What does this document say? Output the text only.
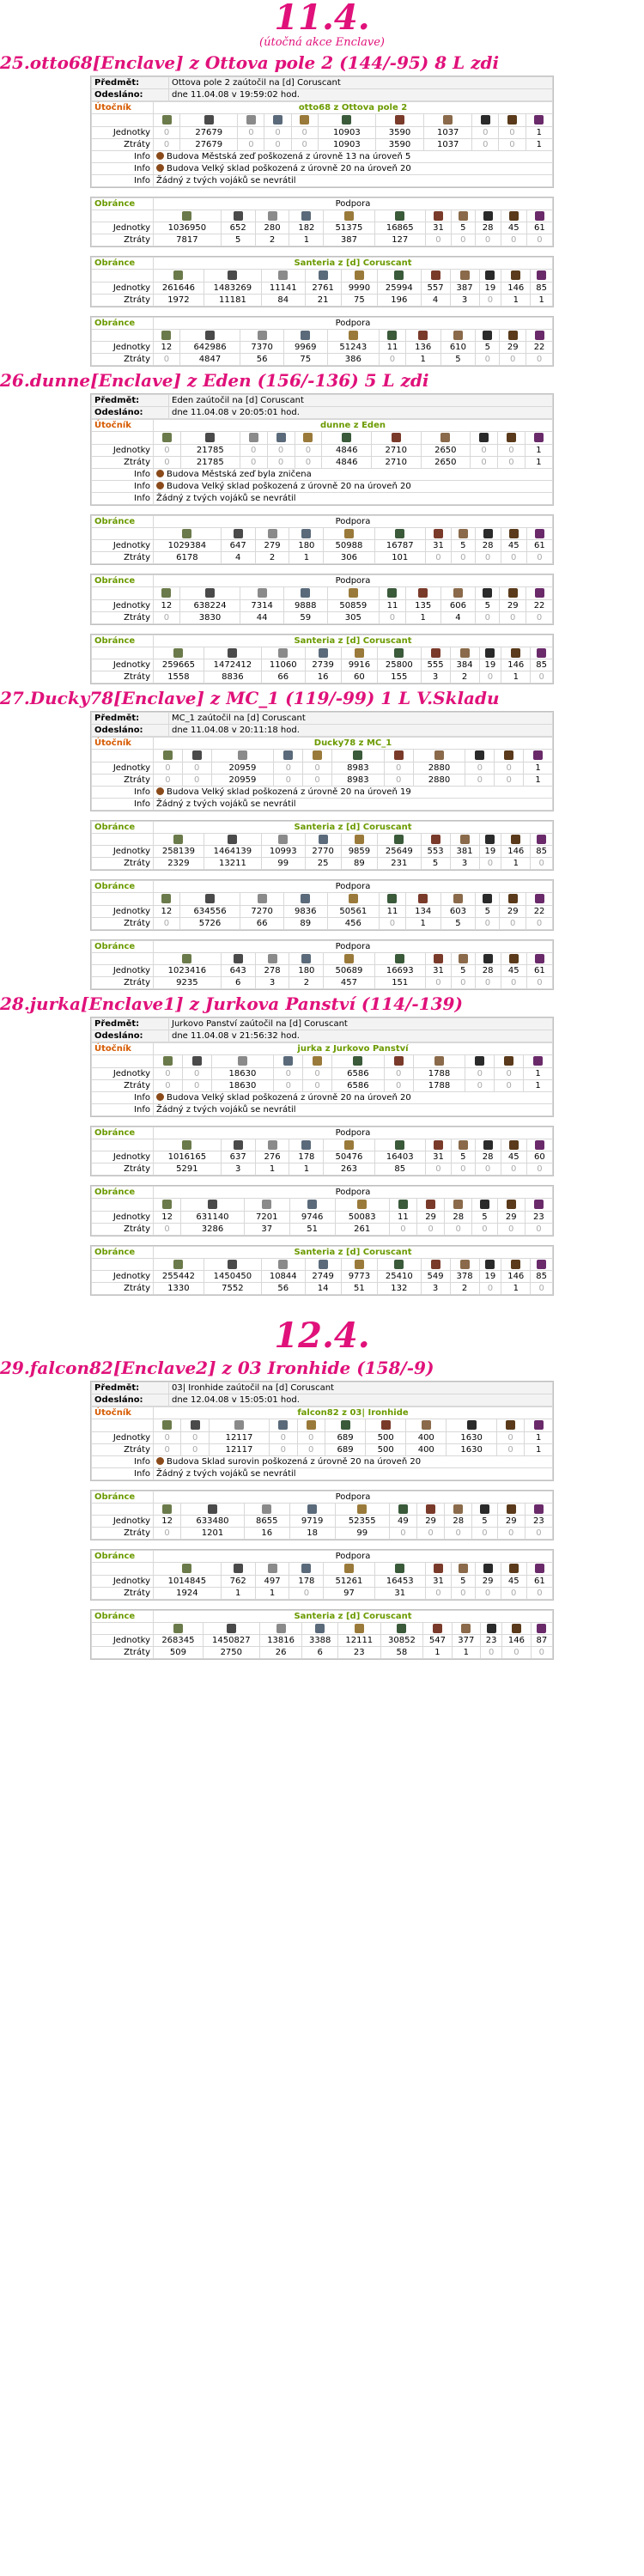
11.4.
(útočná akce Enclave)
25.otto68[Enclave] z Ottova pole 2 (144/-95) 8 L zdi
Předmět:	Ottova pole 2 zaútočil na [d] Coruscant
Odesláno:	dne 11.04.08 v 19:59:02 hod.
Útočník	otto68 z Ottova pole 2										

Jednotky	0	27679	0	0	0	10903	3590	1037	0	0	1
Ztráty	0	27679	0	0	0	10903	3590	1037	0	0	1
Info	Budova Městská zeď poškozená z úrovně 13 na úroveň 5										
Info	Budova Velký sklad poškozená z úrovně 20 na úroveň 20										
Info	Žádný z tvých vojáků se nevrátil										
Obránce	Podpora										

Jednotky	1036950	652	280	182	51375	16865	31	5	28	45	61
Ztráty	7817	5	2	1	387	127	0	0	0	0	0
Obránce	Santeria z [d] Coruscant										

Jednotky	261646	1483269	11141	2761	9990	25994	557	387	19	146	85
Ztráty	1972	11181	84	21	75	196	4	3	0	1	1
Obránce	Podpora										

Jednotky	12	642986	7370	9969	51243	11	136	610	5	29	22
Ztráty	0	4847	56	75	386	0	1	5	0	0	0
26.dunne[Enclave] z Eden (156/-136) 5 L zdi
Předmět:	Eden zaútočil na [d] Coruscant
Odesláno:	dne 11.04.08 v 20:05:01 hod.
Útočník	dunne z Eden										

Jednotky	0	21785	0	0	0	4846	2710	2650	0	0	1
Ztráty	0	21785	0	0	0	4846	2710	2650	0	0	1
Info	Budova Městská zeď byla zničena										
Info	Budova Velký sklad poškozená z úrovně 20 na úroveň 20										
Info	Žádný z tvých vojáků se nevrátil										
Obránce	Podpora										

Jednotky	1029384	647	279	180	50988	16787	31	5	28	45	61
Ztráty	6178	4	2	1	306	101	0	0	0	0	0
Obránce	Podpora										

Jednotky	12	638224	7314	9888	50859	11	135	606	5	29	22
Ztráty	0	3830	44	59	305	0	1	4	0	0	0
Obránce	Santeria z [d] Coruscant										

Jednotky	259665	1472412	11060	2739	9916	25800	555	384	19	146	85
Ztráty	1558	8836	66	16	60	155	3	2	0	1	0
27.Ducky78[Enclave] z MC_1 (119/-99) 1 L V.Skladu
Předmět:	MC_1 zaútočil na [d] Coruscant
Odesláno:	dne 11.04.08 v 20:11:18 hod.
Útočník	Ducky78 z MC_1										

Jednotky	0	0	20959	0	0	8983	0	2880	0	0	1
Ztráty	0	0	20959	0	0	8983	0	2880	0	0	1
Info	Budova Velký sklad poškozená z úrovně 20 na úroveň 19										
Info	Žádný z tvých vojáků se nevrátil										
Obránce	Santeria z [d] Coruscant										

Jednotky	258139	1464139	10993	2770	9859	25649	553	381	19	146	85
Ztráty	2329	13211	99	25	89	231	5	3	0	1	0
Obránce	Podpora										

Jednotky	12	634556	7270	9836	50561	11	134	603	5	29	22
Ztráty	0	5726	66	89	456	0	1	5	0	0	0
Obránce	Podpora										

Jednotky	1023416	643	278	180	50689	16693	31	5	28	45	61
Ztráty	9235	6	3	2	457	151	0	0	0	0	0
28.jurka[Enclave1] z Jurkova Panství (114/-139)
Předmět:	Jurkovo Panství zaútočil na [d] Coruscant
Odesláno:	dne 11.04.08 v 21:56:32 hod.
Útočník	jurka z Jurkovo Panství										

Jednotky	0	0	18630	0	0	6586	0	1788	0	0	1
Ztráty	0	0	18630	0	0	6586	0	1788	0	0	1
Info	Budova Velký sklad poškozená z úrovně 20 na úroveň 20										
Info	Žádný z tvých vojáků se nevrátil										
Obránce	Podpora										

Jednotky	1016165	637	276	178	50476	16403	31	5	28	45	60
Ztráty	5291	3	1	1	263	85	0	0	0	0	0
Obránce	Podpora										

Jednotky	12	631140	7201	9746	50083	11	29	28	5	29	23
Ztráty	0	3286	37	51	261	0	0	0	0	0	0
Obránce	Santeria z [d] Coruscant										

Jednotky	255442	1450450	10844	2749	9773	25410	549	378	19	146	85
Ztráty	1330	7552	56	14	51	132	3	2	0	1	0
12.4.
29.falcon82[Enclave2] z 03 Ironhide (158/-9)
Předmět:	03| Ironhide zaútočil na [d] Coruscant
Odesláno:	dne 12.04.08 v 15:05:01 hod.
Útočník	falcon82 z 03| Ironhide										

Jednotky	0	0	12117	0	0	689	500	400	1630	0	1
Ztráty	0	0	12117	0	0	689	500	400	1630	0	1
Info	Budova Sklad surovin poškozená z úrovně 20 na úroveň 20										
Info	Žádný z tvých vojáků se nevrátil										
Obránce	Podpora										

Jednotky	12	633480	8655	9719	52355	49	29	28	5	29	23
Ztráty	0	1201	16	18	99	0	0	0	0	0	0
Obránce	Podpora										

Jednotky	1014845	762	497	178	51261	16453	31	5	29	45	61
Ztráty	1924	1	1	0	97	31	0	0	0	0	0
Obránce	Santeria z [d] Coruscant										

Jednotky	268345	1450827	13816	3388	12111	30852	547	377	23	146	87
Ztráty	509	2750	26	6	23	58	1	1	0	0	0
